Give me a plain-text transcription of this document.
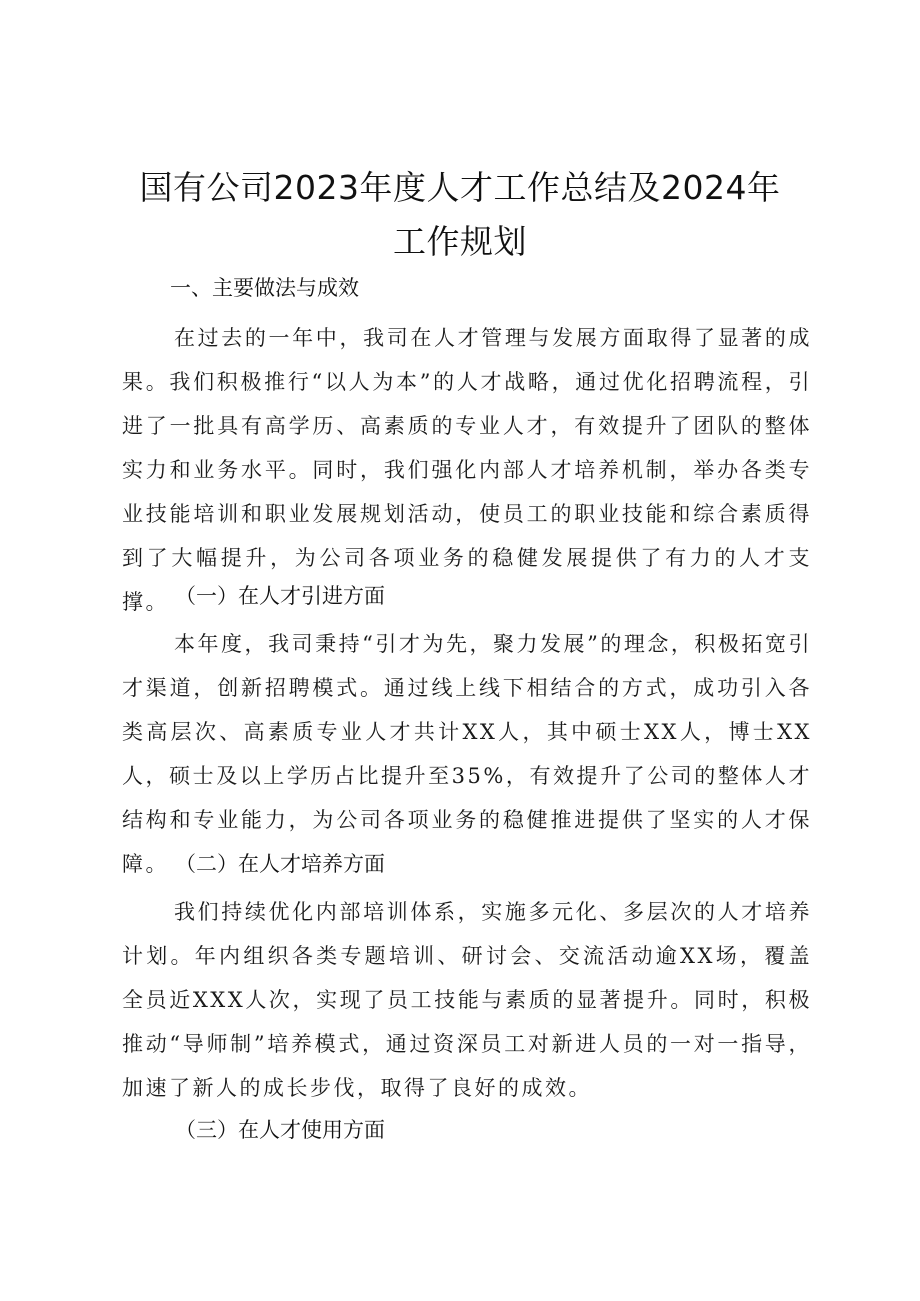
国有公司2023年度人才工作总结及2024年
工作规划
一、主要做法与成效

在过去的一年中，我司在人才管理与发展方面取得了显著的成果。我们积极推行“以人为本”的人才战略，通过优化招聘流程，引进了一批具有高学历、高素质的专业人才，有效提升了团队的整体实力和业务水平。同时，我们强化内部人才培养机制，举办各类专业技能培训和职业发展规划活动，使员工的职业技能和综合素质得到了大幅提升，为公司各项业务的稳健发展提供了有力的人才支撑。 （一）在人才引进方面

本年度，我司秉持“引才为先，聚力发展”的理念，积极拓宽引才渠道，创新招聘模式。通过线上线下相结合的方式，成功引入各类高层次、高素质专业人才共计XX人，其中硕士XX人，博士XX人，硕士及以上学历占比提升至35%，有效提升了公司的整体人才结构和专业能力，为公司各项业务的稳健推进提供了坚实的人才保障。 （二）在人才培养方面

我们持续优化内部培训体系，实施多元化、多层次的人才培养计划。年内组织各类专题培训、研讨会、交流活动逾XX场，覆盖全员近XXX人次，实现了员工技能与素质的显著提升。同时，积极推动“导师制”培养模式，通过资深员工对新进人员的一对一指导，加速了新人的成长步伐，取得了良好的成效。

（三）在人才使用方面
